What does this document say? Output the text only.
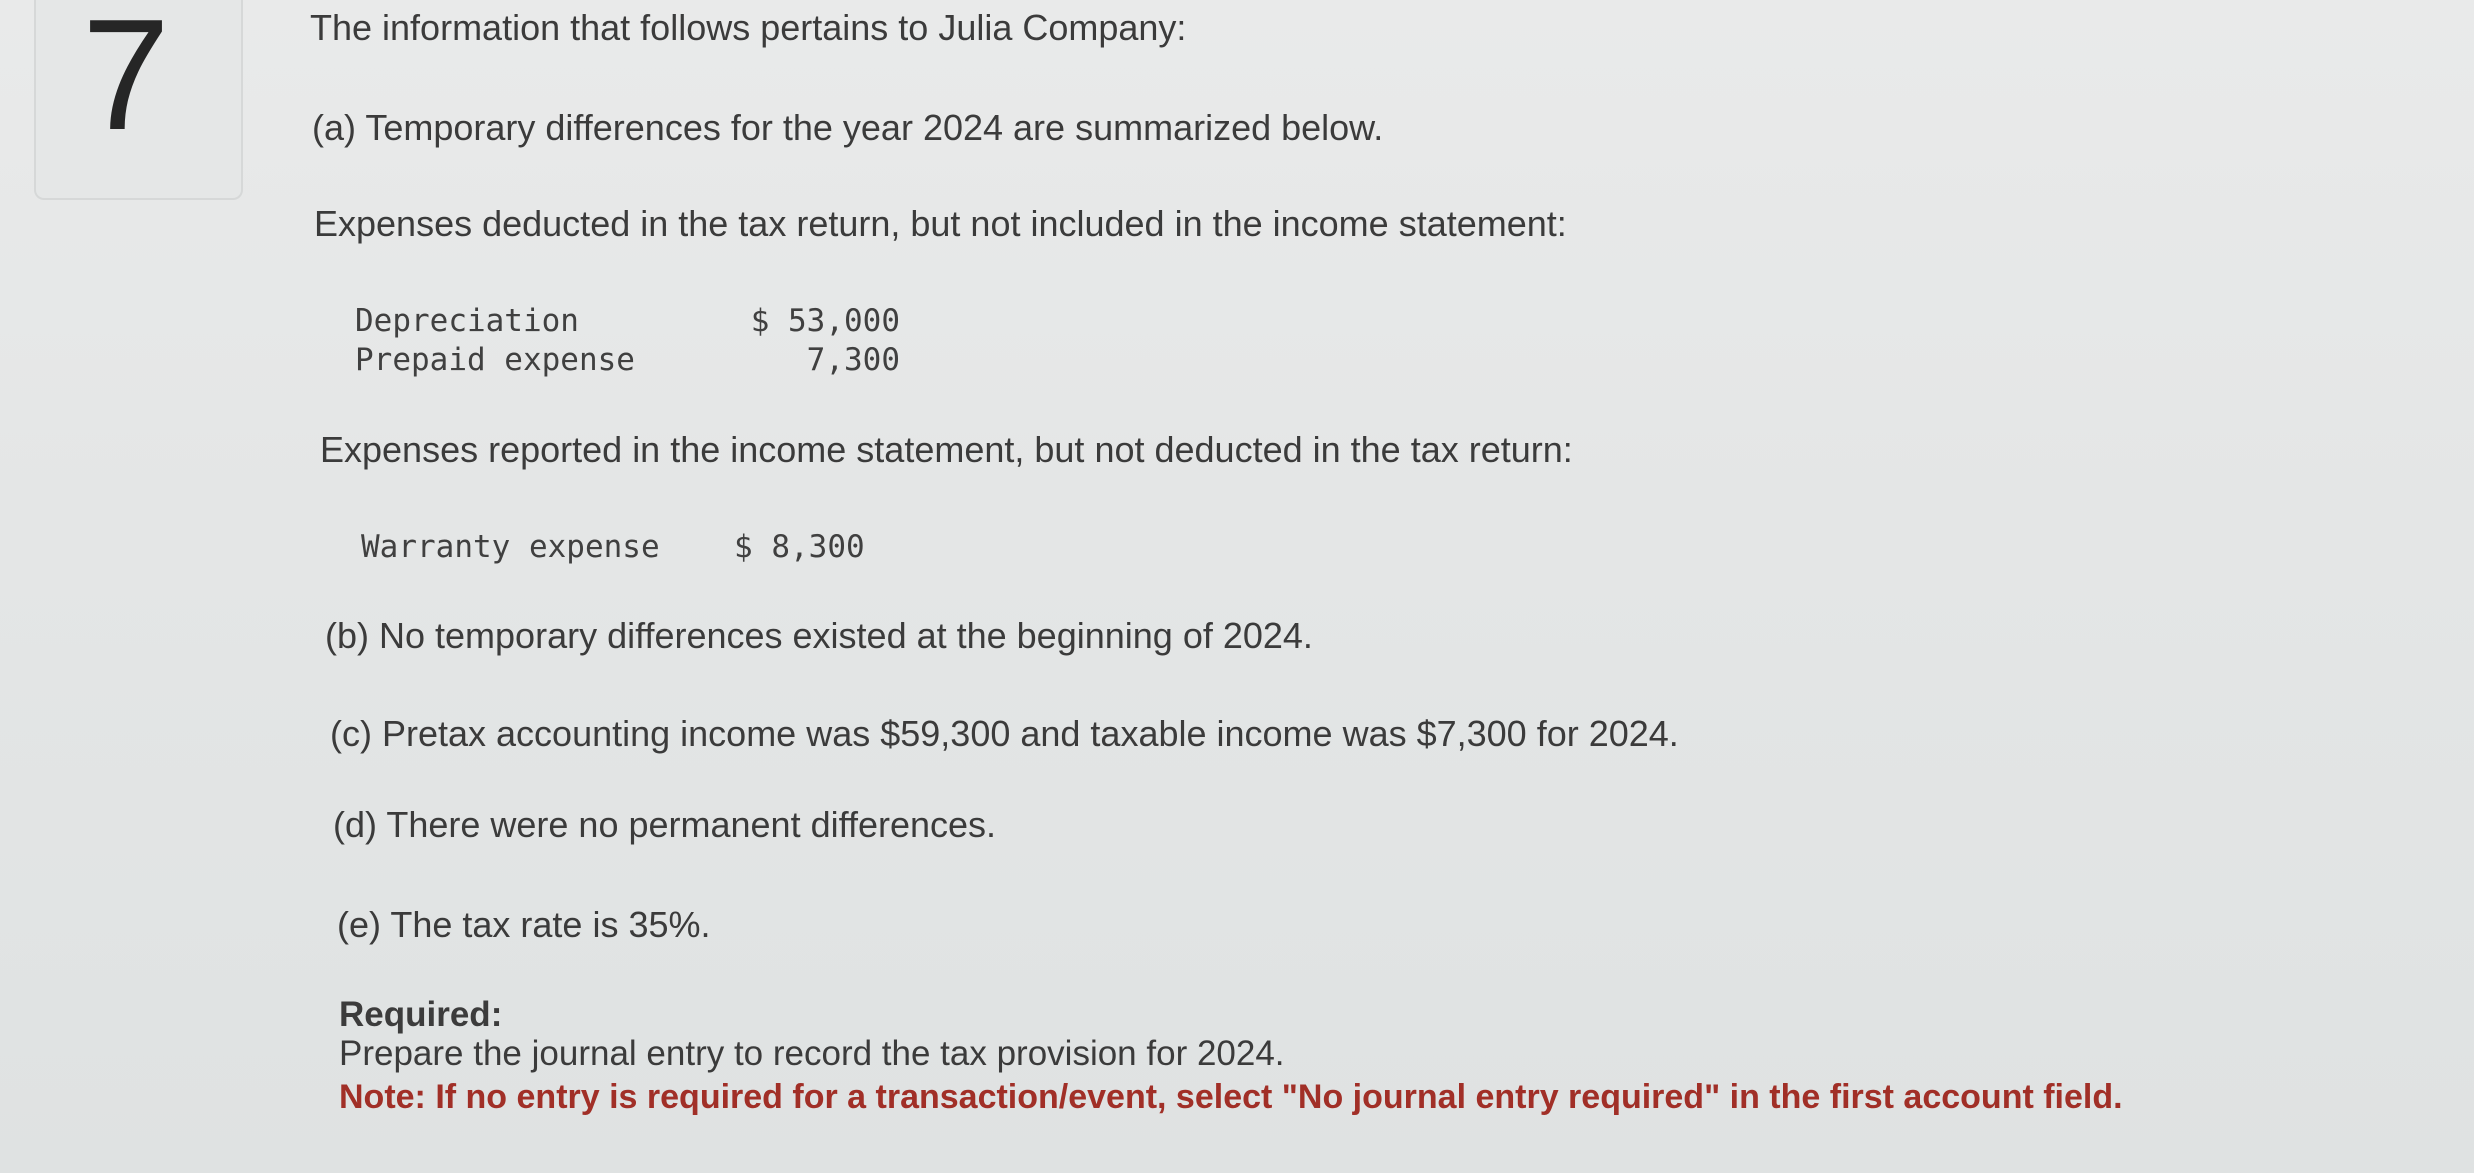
7	The information that follows pertains to Julia Company:
(a) Temporary differences for the year 2024 are summarized below.
Expenses deducted in the tax return, but not included in the income statement:
Depreciation	$ 53,000
Prepaid expense	7,300
Expenses reported in the income statement, but not deducted in the tax return:
Warranty expense $ 8,300
(b) No temporary differences existed at the beginning of 2024.
(c) Pretax accounting income was $59,300 and taxable income was $7,300 for 2024.
(d) There were no permanent differences.
(e) The tax rate is 35%.
Required:
Prepare the journal entry to record the tax provision for 2024.
Note: If no entry is required for a transaction/event, select "No journal entry required" in the first account field.
